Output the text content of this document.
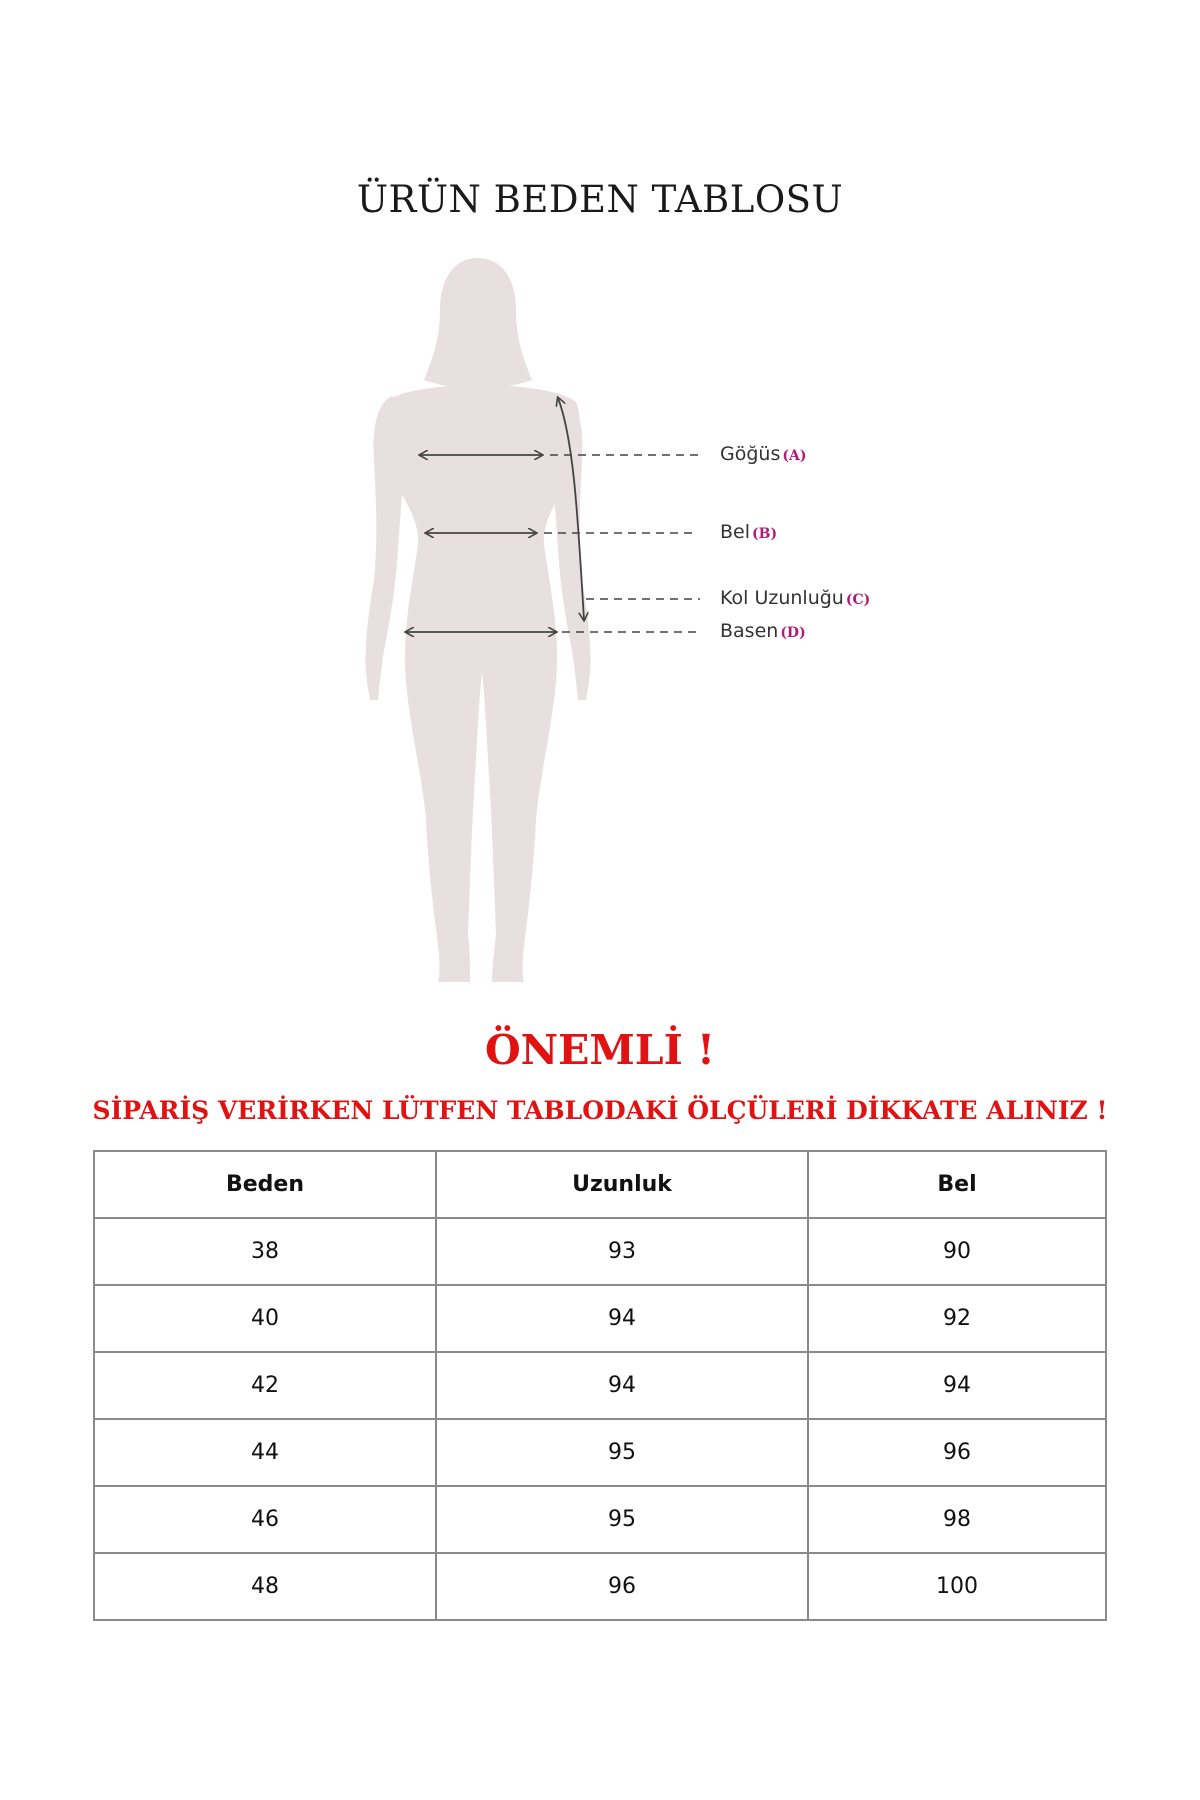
ÜRÜN BEDEN TABLOSU
Göğüs (A)
Bel (B)
Kol Uzunluğu (C)
Basen (D)
ÖNEMLİ !
SİPARİŞ VERİRKEN LÜTFEN TABLODAKİ ÖLÇÜLERİ DİKKATE ALINIZ !
Beden	Uzunluk	Bel
38	93	90
40	94	92
42	94	94
44	95	96
46	95	98
48	96	100
